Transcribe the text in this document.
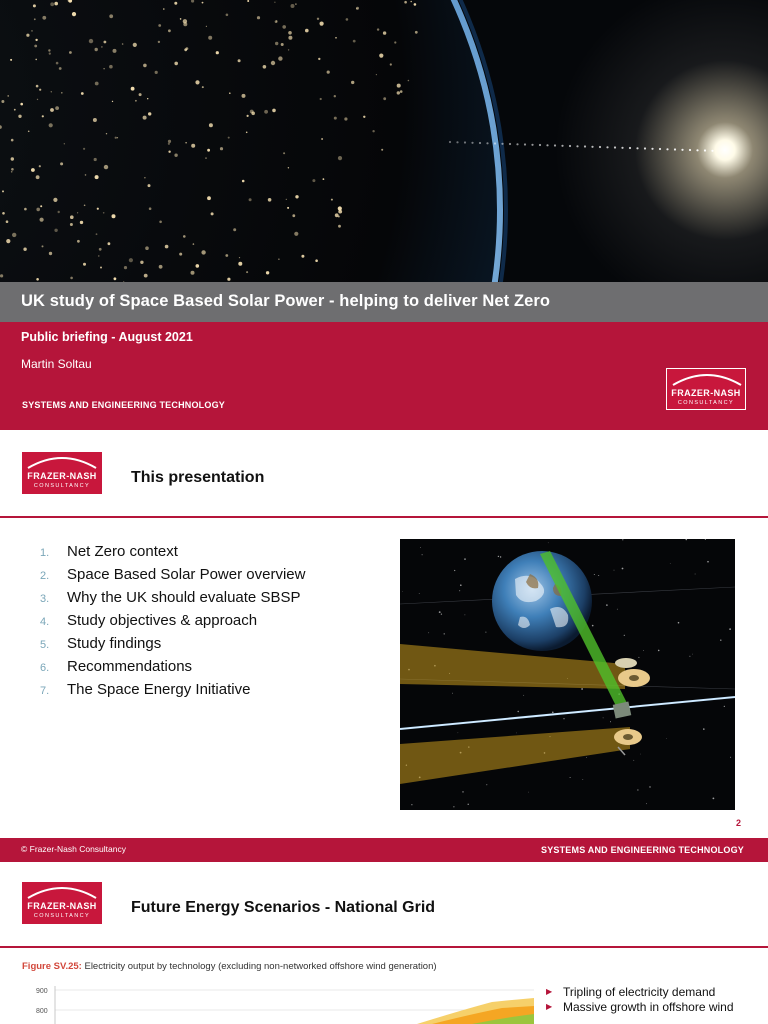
UK study of Space Based Solar Power - helping to deliver Net Zero
Public briefing - August 2021
Martin Soltau
SYSTEMS AND ENGINEERING TECHNOLOGY
FRAZER-NASH
CONSULTANCY
FRAZER-NASH
CONSULTANCY	This presentation
1.	Net Zero context
2.	Space Based Solar Power overview
3.	Why the UK should evaluate SBSP
4.	Study objectives & approach
5.	Study findings
6.	Recommendations
7.	The Space Energy Initiative
2
© Frazer-Nash Consultancy	SYSTEMS AND ENGINEERING TECHNOLOGY
FRAZER-NASH
CONSULTANCY	Future Energy Scenarios - National Grid
Figure SV.25: Electricity output by technology (excluding non-networked offshore wind generation)
900
800
▶ Tripling of electricity demand
▶ Massive growth in offshore wind
